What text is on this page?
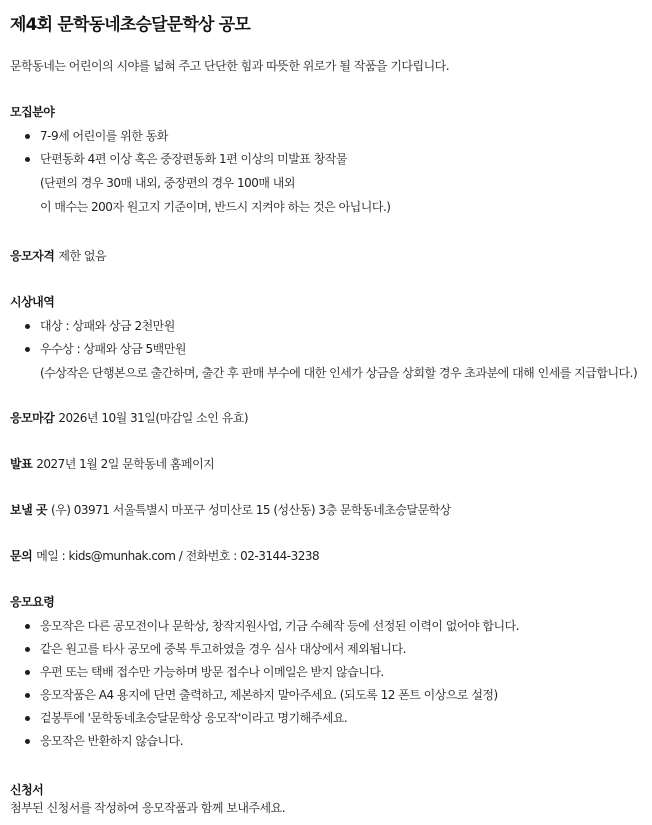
제4회 문학동네초승달문학상 공모
문학동네는 어린이의 시야를 넓혀 주고 단단한 힘과 따뜻한 위로가 될 작품을 기다립니다.
모집분야
7-9세 어린이를 위한 동화
단편동화 4편 이상 혹은 중장편동화 1편 이상의 미발표 창작물
(단편의 경우 30매 내외, 중장편의 경우 100매 내외
이 매수는 200자 원고지 기준이며, 반드시 지켜야 하는 것은 아닙니다.)
응모자격 제한 없음
시상내역
대상 : 상패와 상금 2천만원
우수상 : 상패와 상금 5백만원
(수상작은 단행본으로 출간하며, 출간 후 판매 부수에 대한 인세가 상금을 상회할 경우 초과분에 대해 인세를 지급합니다.)
응모마감 2026년 10월 31일(마감일 소인 유효)
발표 2027년 1월 2일 문학동네 홈페이지
보낼 곳 (우) 03971 서울특별시 마포구 성미산로 15 (성산동) 3층 문학동네초승달문학상
문의 메일 : kids@munhak.com / 전화번호 : 02-3144-3238
응모요령
응모작은 다른 공모전이나 문학상, 창작지원사업, 기금 수혜작 등에 선정된 이력이 없어야 합니다.
같은 원고를 타사 공모에 중복 투고하였을 경우 심사 대상에서 제외됩니다.
우편 또는 택배 접수만 가능하며 방문 접수나 이메일은 받지 않습니다.
응모작품은 A4 용지에 단면 출력하고, 제본하지 말아주세요. (되도록 12 폰트 이상으로 설정)
겉봉투에 '문학동네초승달문학상 응모작'이라고 명기해주세요.
응모작은 반환하지 않습니다.
신청서
첨부된 신청서를 작성하여 응모작품과 함께 보내주세요.
